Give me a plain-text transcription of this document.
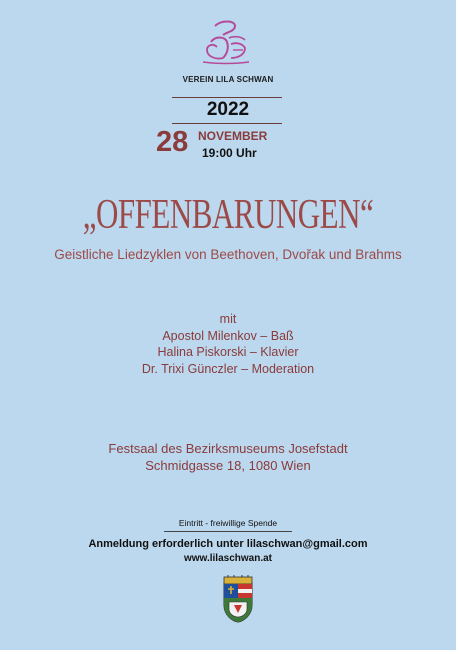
VEREIN LILA SCHWAN
2022
28 NOVEMBER
19:00 Uhr
„OFFENBARUNGEN“
Geistliche Liedzyklen von Beethoven, Dvořak und Brahms
mit
Apostol Milenkov – Baß
Halina Piskorski – Klavier
Dr. Trixi Günczler – Moderation
Festsaal des Bezirksmuseums Josefstadt
Schmidgasse 18, 1080 Wien
Eintritt - freiwillige Spende
Anmeldung erforderlich unter lilaschwan@gmail.com
www.lilaschwan.at
